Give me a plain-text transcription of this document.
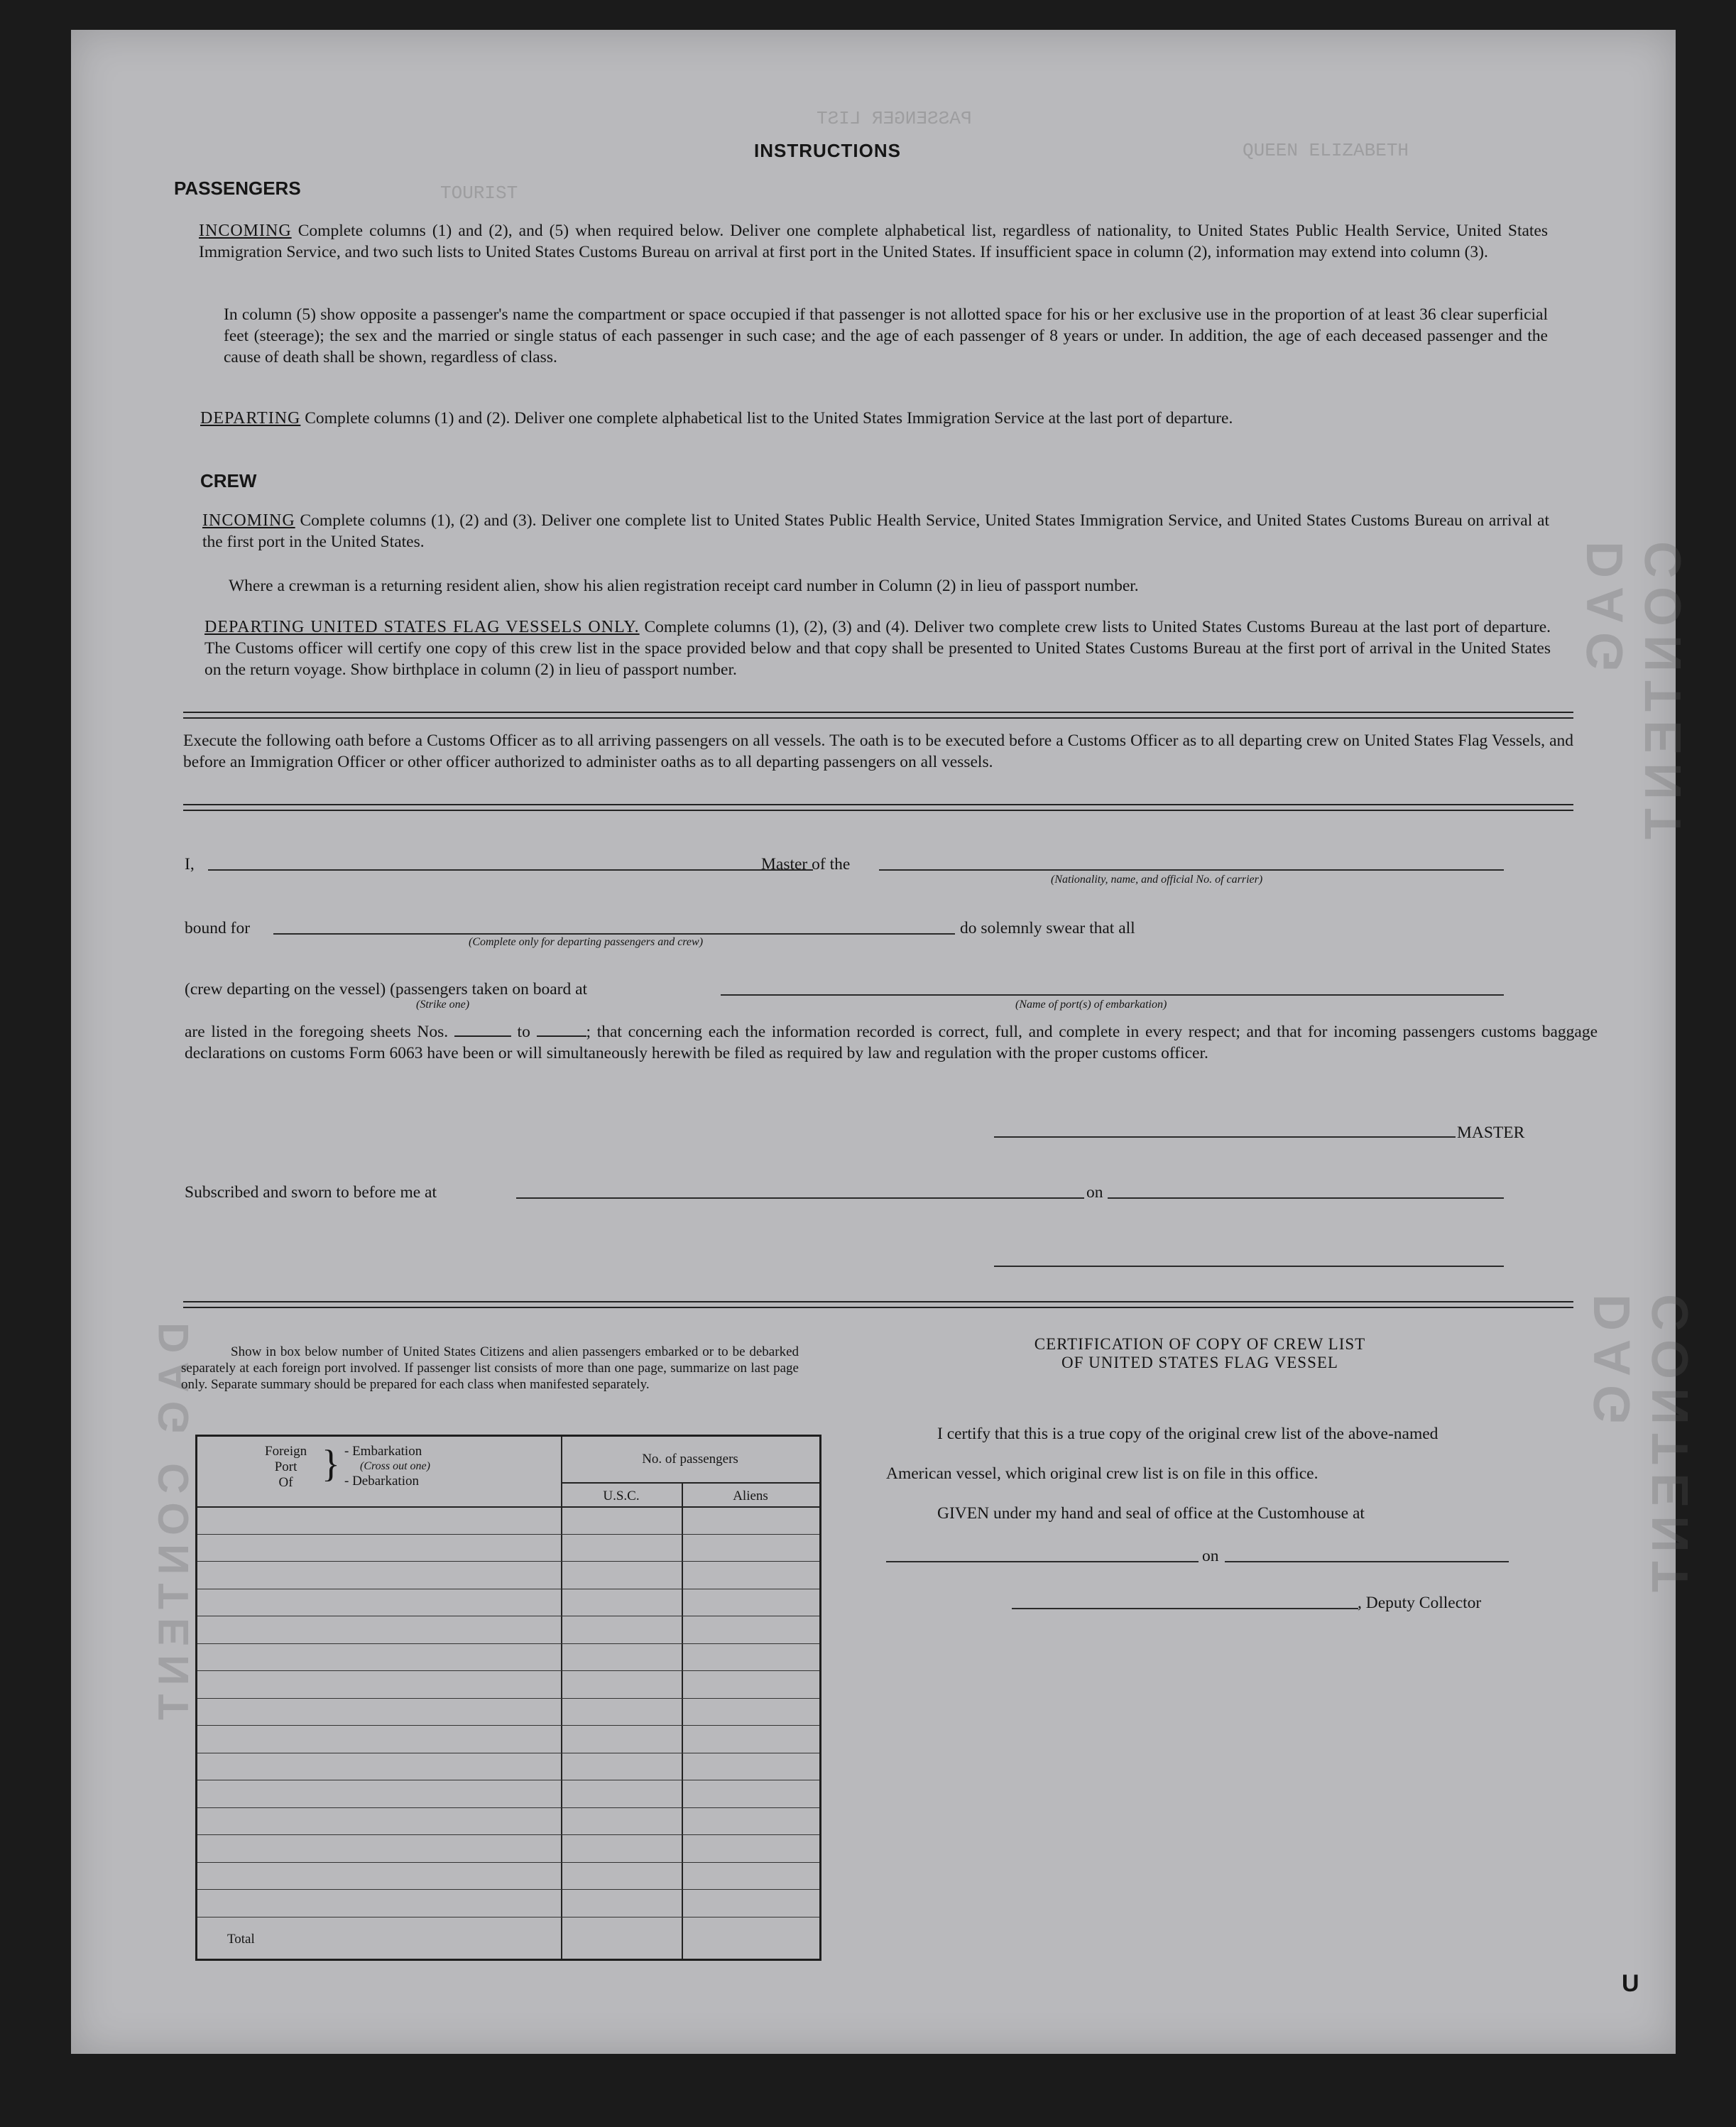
QUEEN ELIZABETH
TOURIST
PASSENGER LIST
DAG CONTENT
DAG CONTENT
DAG CONTENT
INSTRUCTIONS
PASSENGERS
INCOMING Complete columns (1) and (2), and (5) when required below. Deliver one complete alphabetical list, regardless of nationality, to United States Public Health Service, United States Immigration Service, and two such lists to United States Customs Bureau on arrival at first port in the United States. If insufficient space in column (2), information may extend into column (3).
In column (5) show opposite a passenger's name the compartment or space occupied if that passenger is not allotted space for his or her exclusive use in the proportion of at least 36 clear superficial feet (steerage); the sex and the married or single status of each passenger in such case; and the age of each passenger of 8 years or under. In addition, the age of each deceased passenger and the cause of death shall be shown, regardless of class.
DEPARTING Complete columns (1) and (2). Deliver one complete alphabetical list to the United States Immigration Service at the last port of departure.
CREW
INCOMING Complete columns (1), (2) and (3). Deliver one complete list to United States Public Health Service, United States Immigration Service, and United States Customs Bureau on arrival at the first port in the United States.
Where a crewman is a returning resident alien, show his alien registration receipt card number in Column (2) in lieu of passport number.
DEPARTING UNITED STATES FLAG VESSELS ONLY. Complete columns (1), (2), (3) and (4). Deliver two complete crew lists to United States Customs Bureau at the last port of departure. The Customs officer will certify one copy of this crew list in the space provided below and that copy shall be presented to United States Customs Bureau at the first port of arrival in the United States on the return voyage. Show birthplace in column (2) in lieu of passport number.
Execute the following oath before a Customs Officer as to all arriving passengers on all vessels. The oath is to be executed before a Customs Officer as to all departing crew on United States Flag Vessels, and before an Immigration Officer or other officer authorized to administer oaths as to all departing passengers on all vessels.
I,	Master of the
(Nationality, name, and official No. of carrier)
bound for
(Complete only for departing passengers and crew)
do solemnly swear that all
(crew departing on the vessel) (passengers taken on board at
(Strike one)	(Name of port(s) of embarkation)
are listed in the foregoing sheets Nos.	to	; that concerning each the information recorded is correct, full, and complete in every respect; and that for incoming passengers customs baggage declarations on customs Form 6063 have been or will simultaneously herewith be filed as required by law and regulation with the proper customs officer.
MASTER
Subscribed and sworn to before me at	on
Show in box below number of United States Citizens and alien passengers embarked or to be debarked separately at each foreign port involved. If passenger list consists of more than one page, summarize on last page only. Separate summary should be prepared for each class when manifested separately.
Foreign
Port
Of } - Embarkation
(Cross out one)
- Debarkation
No. of passengers
U.S.C.	Aliens
Total
CERTIFICATION OF COPY OF CREW LIST
OF UNITED STATES FLAG VESSEL
I certify that this is a true copy of the original crew list of the above-named
American vessel, which original crew list is on file in this office.
GIVEN under my hand and seal of office at the Customhouse at
on
, Deputy Collector
U
